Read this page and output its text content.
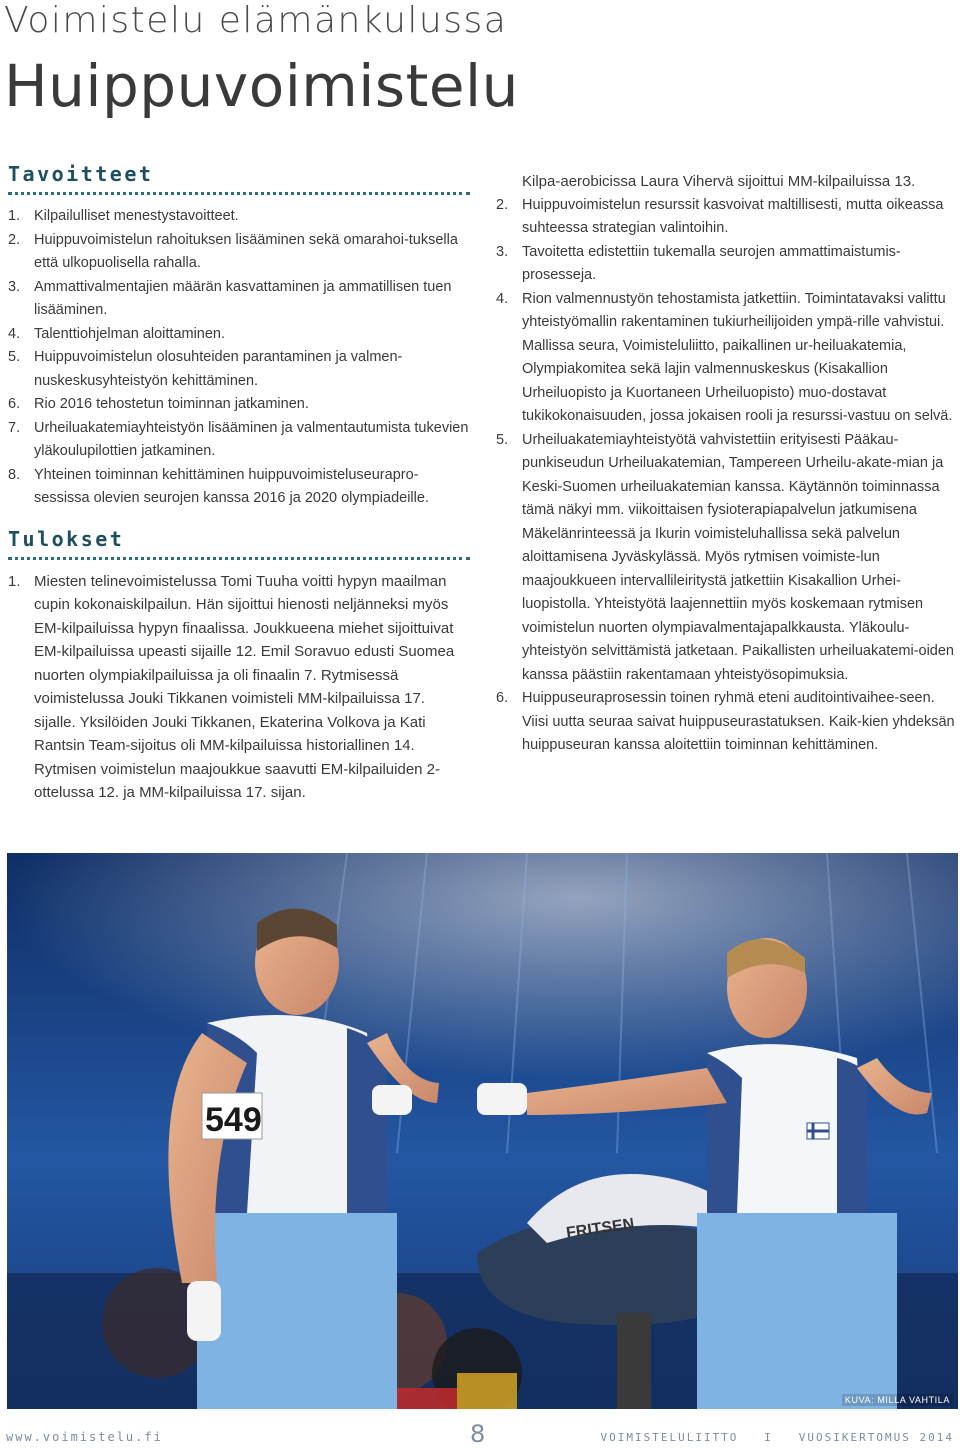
Voimistelu elämänkulussa
Huippuvoimistelu
Tavoitteet
1. Kilpailulliset menestystavoitteet.
2. Huippuvoimistelun rahoituksen lisääminen sekä omarahoi-tuksella että ulkopuolisella rahalla.
3. Ammattivalmentajien määrän kasvattaminen ja ammatillisen tuen lisääminen.
4. Talenttiohjelman aloittaminen.
5. Huippuvoimistelun olosuhteiden parantaminen ja valmen-nuskeskusyhteistyön kehittäminen.
6. Rio 2016 tehostetun toiminnan jatkaminen.
7. Urheiluakatemiayhteistyön lisääminen ja valmentautumista tukevien yläkoulupilottien jatkaminen.
8. Yhteinen toiminnan kehittäminen huippuvoimisteluseurapro-sessissa olevien seurojen kanssa 2016 ja 2020 olympiadeille.
Tulokset
1. Miesten telinevoimistelussa Tomi Tuuha voitti hypyn maailman cupin kokonaiskilpailun. Hän sijoittui hienosti neljänneksi myös EM-kilpailuissa hypyn finaalissa. Joukkueena miehet sijoittuivat EM-kilpailuissa upeasti sijaille 12. Emil Soravuo edusti Suomea nuorten olympiakilpailuissa ja oli finaalin 7. Rytmisessä voimistelussa Jouki Tikkanen voimisteli MM-kilpailuissa 17. sijalle. Yksilöiden Jouki Tikkanen, Ekaterina Volkova ja Kati Rantsin Team-sijoitus oli MM-kilpailuissa historiallinen 14. Rytmisen voimistelun maajoukkue saavutti EM-kilpailuiden 2-ottelussa 12. ja MM-kilpailuissa 17. sijan.
Kilpa-aerobicissa Laura Vihervä sijoittui MM-kilpailuissa 13.
2. Huippuvoimistelun resurssit kasvoivat maltillisesti, mutta oikeassa suhteessa strategian valintoihin.
3. Tavoitetta edistettiin tukemalla seurojen ammattimaistumis-prosesseja.
4. Rion valmennustyön tehostamista jatkettiin. Toimintatavaksi valittu yhteistyömallin rakentaminen tukiurheilijoiden ympä-rille vahvistui. Mallissa seura, Voimisteluliitto, paikallinen ur-heiluakatemia, Olympiakomitea sekä lajin valmennuskeskus (Kisakallion Urheiluopisto ja Kuortaneen Urheiluopisto) muo-dostavat tukikokonaisuuden, jossa jokaisen rooli ja resurssi-vastuu on selvä.
5. Urheiluakatemiayhteistyötä vahvistettiin erityisesti Pääkau-punkiseudun Urheiluakatemian, Tampereen Urheilu-akate-mian ja Keski-Suomen urheiluakatemian kanssa. Käytännön toiminnassa tämä näkyi mm. viikoittaisen fysioterapiapalvelun jatkumisena Mäkelänrinteessä ja Ikurin voimisteluhallissa sekä palvelun aloittamisena Jyväskylässä. Myös rytmisen voimiste-lun maajoukkueen intervallileiritystä jatkettiin Kisakallion Urhei-luopistolla. Yhteistyötä laajennettiin myös koskemaan rytmisen voimistelun nuorten olympiavalmentajapalkkausta. Yläkoulu-yhteistyön selvittämistä jatketaan. Paikallisten urheiluakatemi-oiden kanssa päästiin rakentamaan yhteistyösopimuksia.
6. Huippuseuraprosessin toinen ryhmä eteni auditointivaihee-seen. Viisi uutta seuraa saivat huippuseurastatuksen. Kaik-kien yhdeksän huippuseuran kanssa aloitettiin toiminnan kehittäminen.
FRITSEN
549
KUVA: MILLA VAHTILA
www.voimistelu.fi	8	VOIMISTELULIITTO   I   VUOSIKERTOMUS 2014
